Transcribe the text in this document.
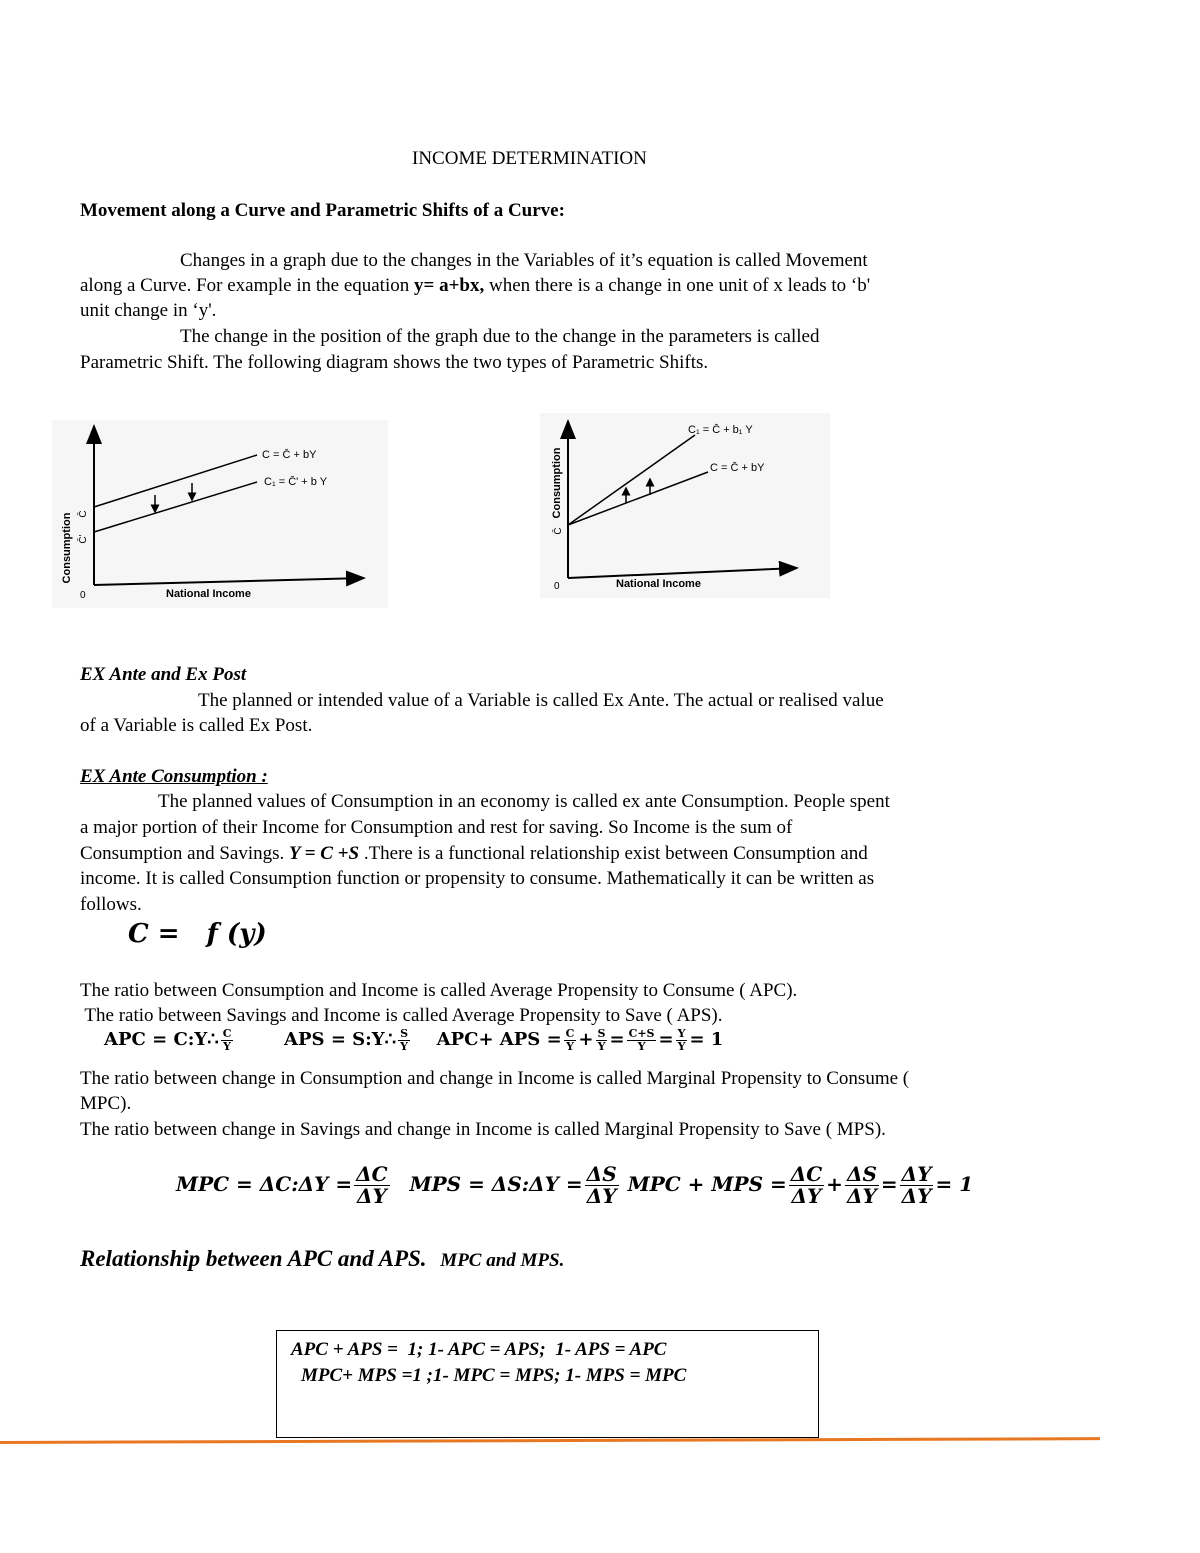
INCOME DETERMINATION
Movement along a Curve and Parametric Shifts of a Curve:
Changes in a graph due to the changes in the Variables of it’s equation is called Movement
along a Curve. For example in the equation y= a+bx, when there is a change in one unit of x leads to ‘b'
unit change in ‘y'.
The change in the position of the graph due to the change in the parameters is called
Parametric Shift. The following diagram shows the two types of Parametric Shifts.
C = C̄ + bY
C₁ = C̄' + b Y
Consumption
National Income
0
C̄
C̄'
C₁ = C̄ + b₁ Y
C = C̄ + bY
Consumption
National Income
0
C̄
EX Ante and Ex Post
The planned or intended value of a Variable is called Ex Ante. The actual or realised value
of a Variable is called Ex Post.
EX Ante Consumption :
The planned values of Consumption in an economy is called ex ante Consumption. People spent
a major portion of their Income for Consumption and rest for saving. So Income is the sum of
Consumption and Savings. Y = C +S .There is a functional relationship exist between Consumption and
income. It is called Consumption function or propensity to consume. Mathematically it can be written as
follows.
C =   f (y)
The ratio between Consumption and Income is called Average Propensity to Consume ( APC).
The ratio between Savings and Income is called Average Propensity to Save ( APS).
APC = C:Y∴ $\frac{C}{Y}$	APS = S:Y∴ $\frac{S}{Y} APC+$ APS = $\frac{C}{Y} + \frac{S}{Y} = \frac{C+S}{Y} = \frac{Y}{Y} = 1$
The ratio between change in Consumption and change in Income is called Marginal Propensity to Consume (
MPC).
The ratio between change in Savings and change in Income is called Marginal Propensity to Save ( MPS).
MPC = ΔC:ΔY = $\frac{\Delta C}{\Delta Y}$ MPS = ΔS:ΔY = $\frac{\Delta S}{\Delta Y}$ MPC + MPS = $\frac{\Delta C}{\Delta Y} + \frac{\Delta S}{\Delta Y} = \frac{\Delta Y}{\Delta Y} = 1$
Relationship between APC and APS. MPC and MPS.
APC + APS =  1; 1- APC = APS;  1- APS = APC
MPC+ MPS =1 ;1- MPC = MPS; 1- MPS = MPC
